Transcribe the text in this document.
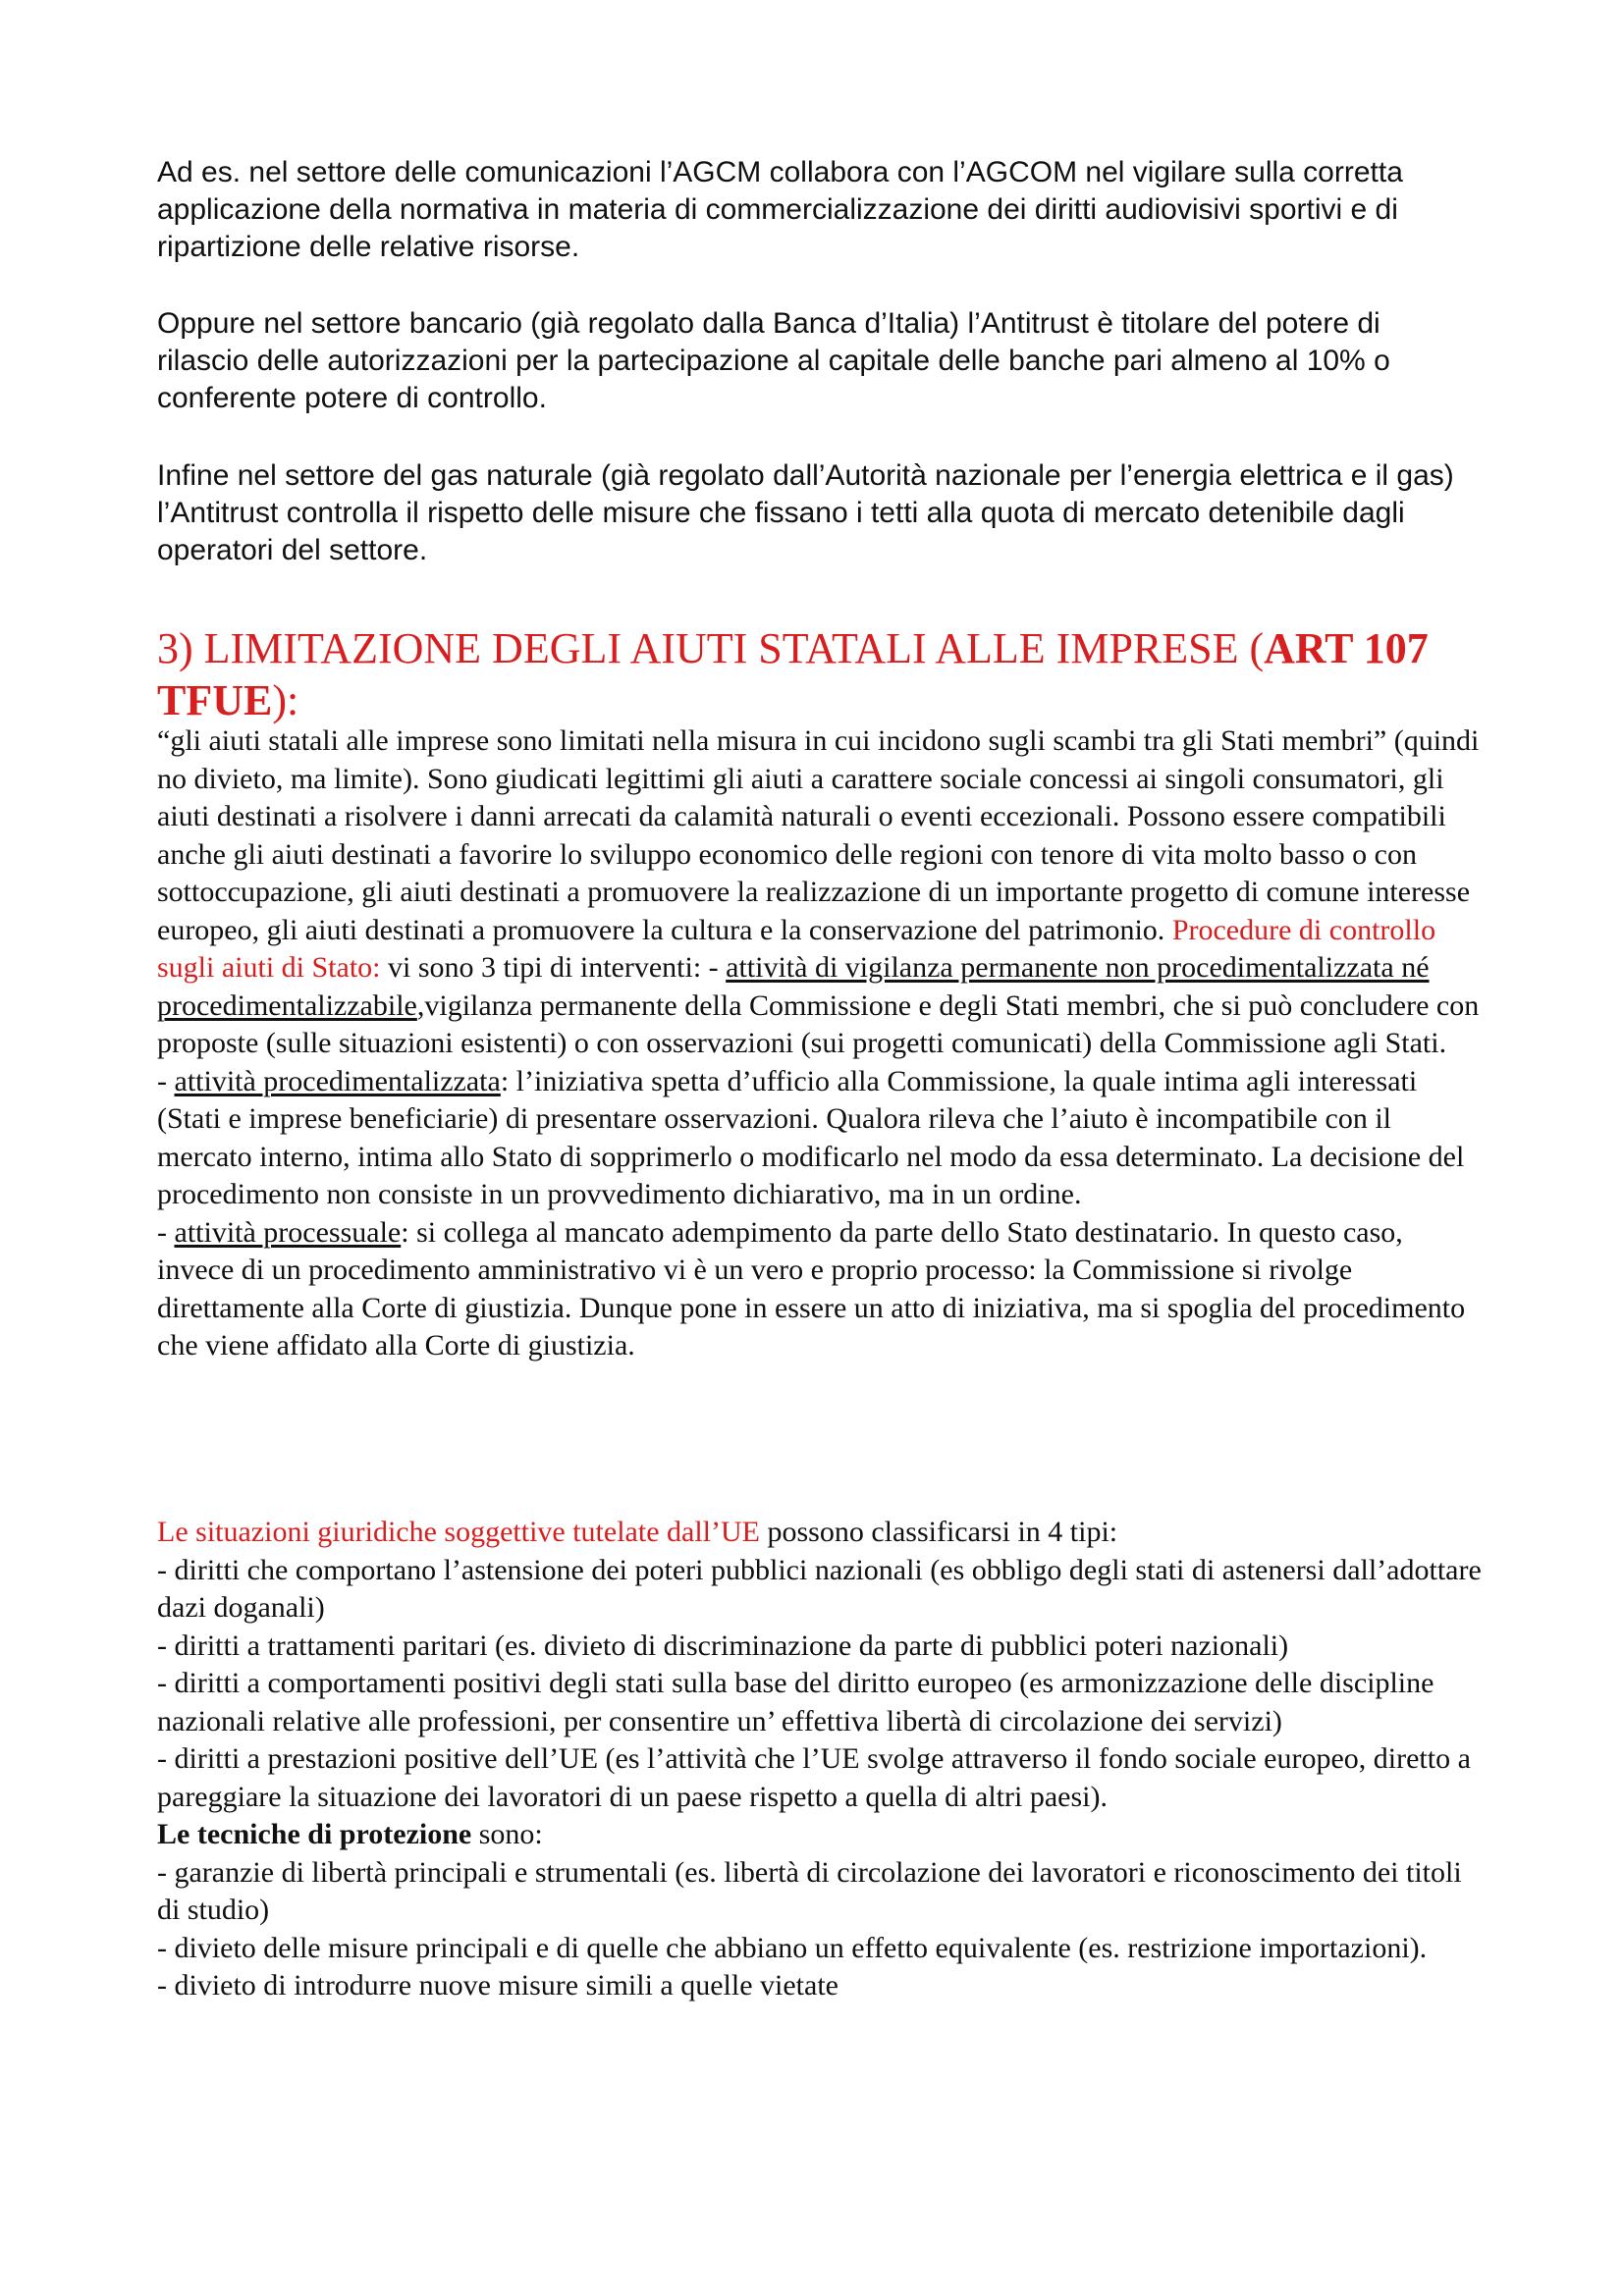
Ad es. nel settore delle comunicazioni l’AGCM collabora con l’AGCOM nel vigilare sulla corretta applicazione della normativa in materia di commercializzazione dei diritti audiovisivi sportivi e di ripartizione delle relative risorse.

Oppure nel settore bancario (già regolato dalla Banca d’Italia) l’Antitrust è titolare del potere di rilascio delle autorizzazioni per la partecipazione al capitale delle banche pari almeno al 10% o conferente potere di controllo.

Infine nel settore del gas naturale (già regolato dall’Autorità nazionale per l’energia elettrica e il gas) l’Antitrust controlla il rispetto delle misure che fissano i tetti alla quota di mercato detenibile dagli operatori del settore.

3) LIMITAZIONE DEGLI AIUTI STATALI ALLE IMPRESE (ART 107 TFUE):
“gli aiuti statali alle imprese sono limitati nella misura in cui incidono sugli scambi tra gli Stati membri” (quindi no divieto, ma limite). Sono giudicati legittimi gli aiuti a carattere sociale concessi ai singoli consumatori, gli aiuti destinati a risolvere i danni arrecati da calamità naturali o eventi eccezionali. Possono essere compatibili anche gli aiuti destinati a favorire lo sviluppo economico delle regioni con tenore di vita molto basso o con sottoccupazione, gli aiuti destinati a promuovere la realizzazione di un importante progetto di comune interesse europeo, gli aiuti destinati a promuovere la cultura e la conservazione del patrimonio. Procedure di controllo sugli aiuti di Stato: vi sono 3 tipi di interventi: - attività di vigilanza permanente non procedimentalizzata né procedimentalizzabile,vigilanza permanente della Commissione e degli Stati membri, che si può concludere con proposte (sulle situazioni esistenti) o con osservazioni (sui progetti comunicati) della Commissione agli Stati.
- attività procedimentalizzata: l’iniziativa spetta d’ufficio alla Commissione, la quale intima agli interessati (Stati e imprese beneficiarie) di presentare osservazioni. Qualora rileva che l’aiuto è incompatibile con il mercato interno, intima allo Stato di sopprimerlo o modificarlo nel modo da essa determinato. La decisione del procedimento non consiste in un provvedimento dichiarativo, ma in un ordine.
- attività processuale: si collega al mancato adempimento da parte dello Stato destinatario. In questo caso, invece di un procedimento amministrativo vi è un vero e proprio processo: la Commissione si rivolge direttamente alla Corte di giustizia. Dunque pone in essere un atto di iniziativa, ma si spoglia del procedimento che viene affidato alla Corte di giustizia.
Le situazioni giuridiche soggettive tutelate dall’UE possono classificarsi in 4 tipi:
- diritti che comportano l’astensione dei poteri pubblici nazionali (es obbligo degli stati di astenersi dall’adottare dazi doganali)
- diritti a trattamenti paritari (es. divieto di discriminazione da parte di pubblici poteri nazionali)
- diritti a comportamenti positivi degli stati sulla base del diritto europeo (es armonizzazione delle discipline nazionali relative alle professioni, per consentire un’ effettiva libertà di circolazione dei servizi)
- diritti a prestazioni positive dell’UE (es l’attività che l’UE svolge attraverso il fondo sociale europeo, diretto a pareggiare la situazione dei lavoratori di un paese rispetto a quella di altri paesi).
Le tecniche di protezione sono:
- garanzie di libertà principali e strumentali (es. libertà di circolazione dei lavoratori e riconoscimento dei titoli di studio)
- divieto delle misure principali e di quelle che abbiano un effetto equivalente (es. restrizione importazioni).
- divieto di introdurre nuove misure simili a quelle vietate
